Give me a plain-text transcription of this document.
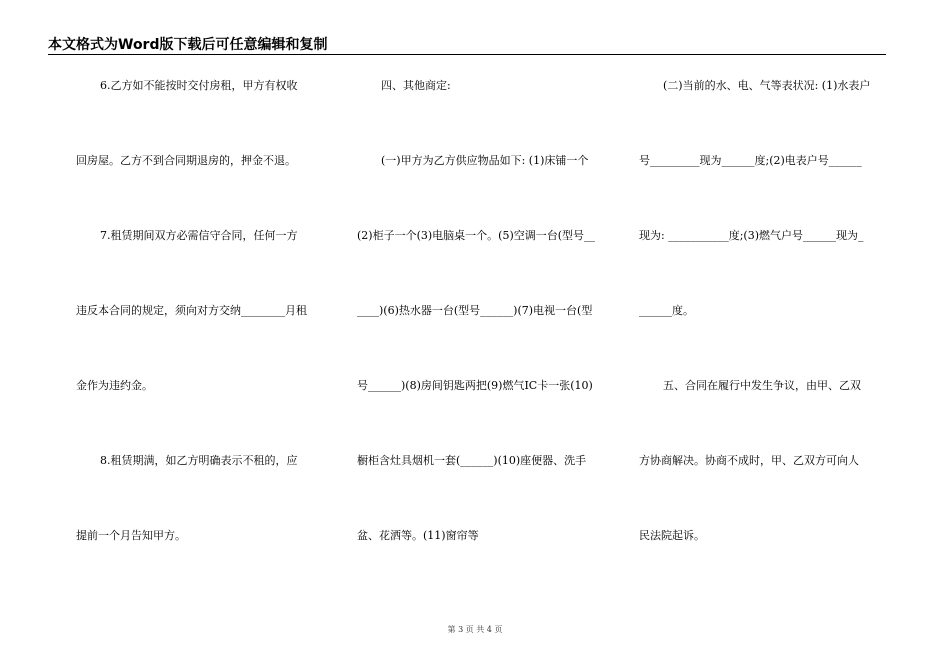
本文格式为Word版下载后可任意编辑和复制
6.乙方如不能按时交付房租，甲方有权收
回房屋。乙方不到合同期退房的，押金不退。
7.租赁期间双方必需信守合同，任何一方
违反本合同的规定，须向对方交纳________月租
金作为违约金。
8.租赁期满，如乙方明确表示不租的，应
提前一个月告知甲方。
四、其他商定:
(一)甲方为乙方供应物品如下: (1)床铺一个
(2)柜子一个(3)电脑桌一个。(5)空调一台(型号__
____)(6)热水器一台(型号______)(7)电视一台(型
号______)(8)房间钥匙两把(9)燃气IC卡一张(10)
橱柜含灶具烟机一套(______)(10)座便器、洗手
盆、花洒等。(11)窗帘等
(二)当前的水、电、气等表状况: (1)水表户
号_________现为______度;(2)电表户号______
现为: ___________度;(3)燃气户号______现为_
______度。
五、合同在履行中发生争议，由甲、乙双
方协商解决。协商不成时，甲、乙双方可向人
民法院起诉。
第 3 页 共 4 页
